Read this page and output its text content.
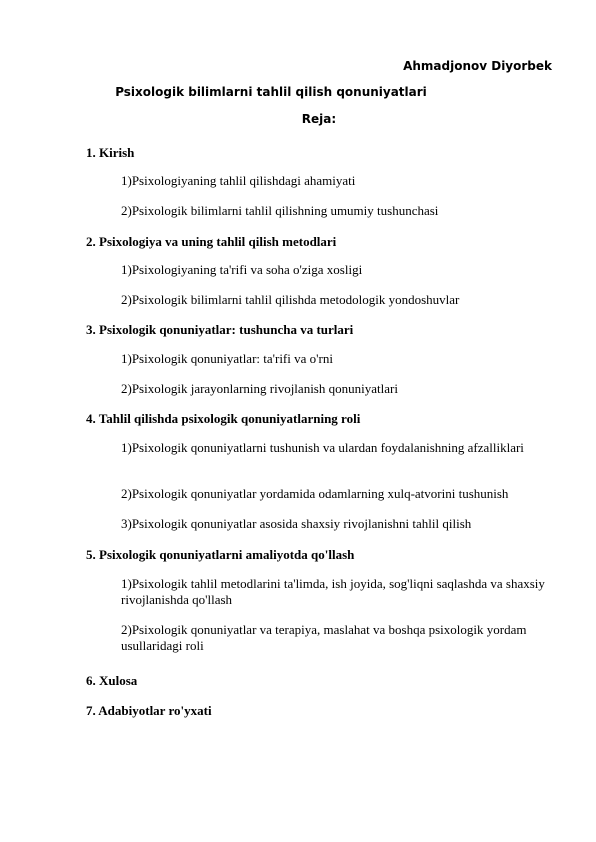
Ahmadjonov Diyorbek
Psixologik bilimlarni tahlil qilish qonuniyatlari
Reja:
1. Kirish
1)Psixologiyaning tahlil qilishdagi ahamiyati
2)Psixologik bilimlarni tahlil qilishning umumiy tushunchasi
2. Psixologiya va uning tahlil qilish metodlari
1)Psixologiyaning ta'rifi va soha o'ziga xosligi
2)Psixologik bilimlarni tahlil qilishda metodologik yondoshuvlar
3. Psixologik qonuniyatlar: tushuncha va turlari
1)Psixologik qonuniyatlar: ta'rifi va o'rni
2)Psixologik jarayonlarning rivojlanish qonuniyatlari
4. Tahlil qilishda psixologik qonuniyatlarning roli
1)Psixologik qonuniyatlarni tushunish va ulardan foydalanishning afzalliklari
2)Psixologik qonuniyatlar yordamida odamlarning xulq-atvorini tushunish
3)Psixologik qonuniyatlar asosida shaxsiy rivojlanishni tahlil qilish
5. Psixologik qonuniyatlarni amaliyotda qo'llash
1)Psixologik tahlil metodlarini ta'limda, ish joyida, sog'liqni saqlashda va shaxsiy rivojlanishda qo'llash
2)Psixologik qonuniyatlar va terapiya, maslahat va boshqa psixologik yordam usullaridagi roli
6. Xulosa
7. Adabiyotlar ro'yxati
